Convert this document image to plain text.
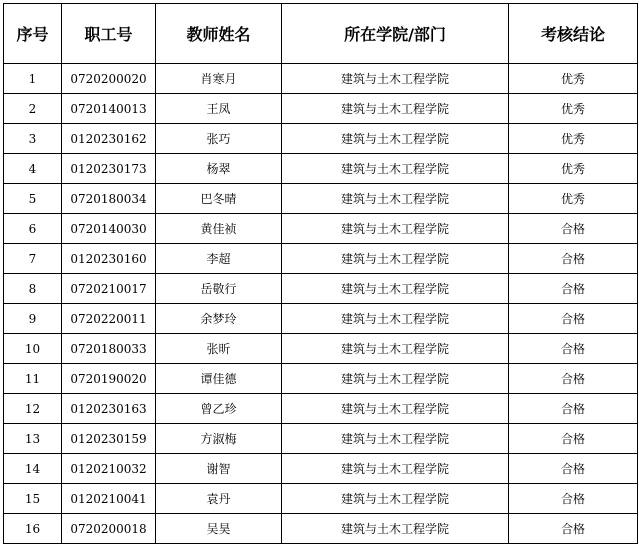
序号	职工号	教师姓名	所在学院/部门	考核结论
1	0720200020	肖寒月	建筑与土木工程学院	优秀
2	0720140013	王凤	建筑与土木工程学院	优秀
3	0120230162	张巧	建筑与土木工程学院	优秀
4	0120230173	杨翠	建筑与土木工程学院	优秀
5	0720180034	巴冬晴	建筑与土木工程学院	优秀
6	0720140030	黄佳祯	建筑与土木工程学院	合格
7	0120230160	李超	建筑与土木工程学院	合格
8	0720210017	岳敬行	建筑与土木工程学院	合格
9	0720220011	余梦玲	建筑与土木工程学院	合格
10	0720180033	张昕	建筑与土木工程学院	合格
11	0720190020	谭佳德	建筑与土木工程学院	合格
12	0120230163	曾乙珍	建筑与土木工程学院	合格
13	0120230159	方淑梅	建筑与土木工程学院	合格
14	0120210032	谢智	建筑与土木工程学院	合格
15	0120210041	袁丹	建筑与土木工程学院	合格
16	0720200018	吴昊	建筑与土木工程学院	合格
